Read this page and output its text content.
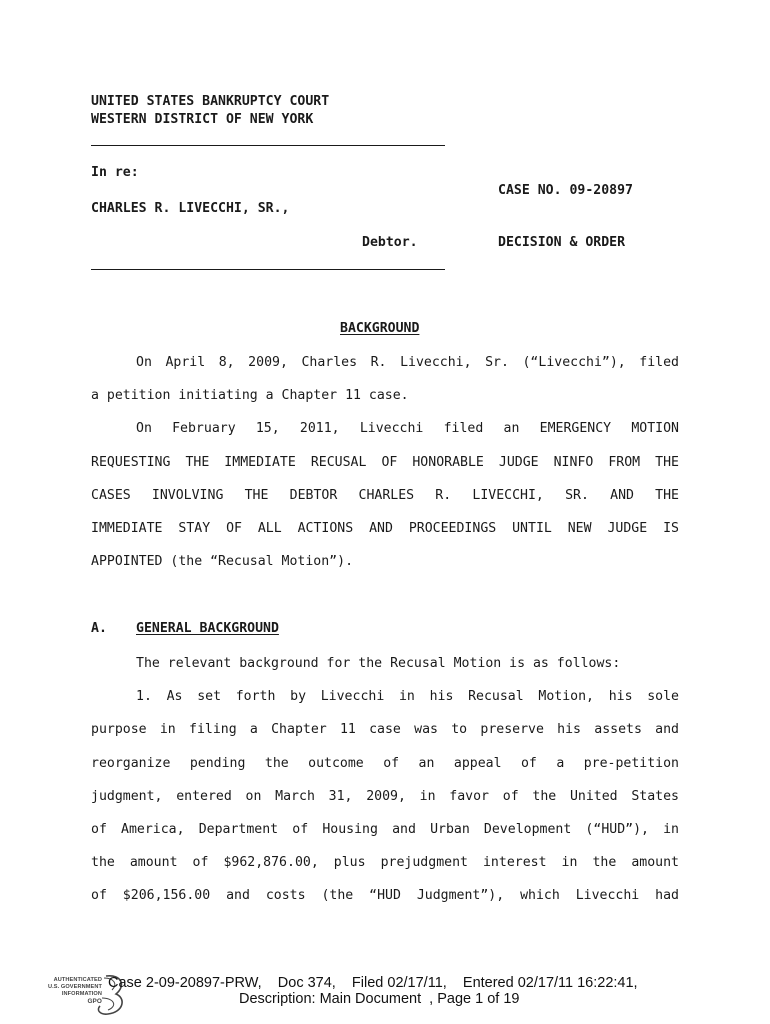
UNITED STATES BANKRUPTCY COURT
WESTERN DISTRICT OF NEW YORK
In re:
CASE NO. 09-20897
CHARLES R. LIVECCHI, SR.,
Debtor.	DECISION & ORDER
BACKGROUND
On April 8, 2009, Charles R. Livecchi, Sr. (“Livecchi”), filed
a petition initiating a Chapter 11 case.
On February 15, 2011, Livecchi filed an EMERGENCY MOTION
REQUESTING THE IMMEDIATE RECUSAL OF HONORABLE JUDGE NINFO FROM THE
CASES INVOLVING THE DEBTOR CHARLES R. LIVECCHI, SR. AND THE
IMMEDIATE STAY OF ALL ACTIONS AND PROCEEDINGS UNTIL NEW JUDGE IS
APPOINTED (the “Recusal Motion”).
A. GENERAL BACKGROUND
The relevant background for the Recusal Motion is as follows:
1. As set forth by Livecchi in his Recusal Motion, his sole
purpose in filing a Chapter 11 case was to preserve his assets and
reorganize pending the outcome of an appeal of a pre-petition
judgment, entered on March 31, 2009, in favor of the United States
of America, Department of Housing and Urban Development (“HUD”), in
the amount of $962,876.00, plus prejudgment interest in the amount
of $206,156.00 and costs (the “HUD Judgment”), which Livecchi had
AUTHENTICATED
U.S. GOVERNMENT
INFORMATION
GPO
Case 2-09-20897-PRW,    Doc 374,    Filed 02/17/11,    Entered 02/17/11 16:22:41,
Description: Main Document  , Page 1 of 19
